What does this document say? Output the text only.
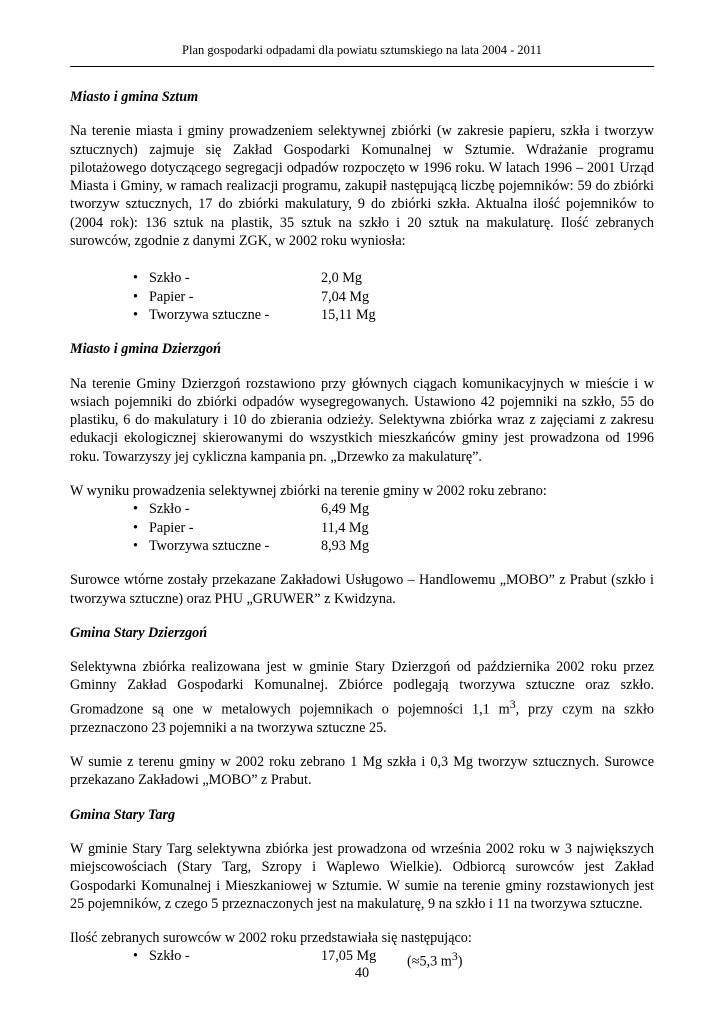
Plan gospodarki odpadami dla powiatu sztumskiego na lata 2004 - 2011
Miasto i gmina Sztum

Na terenie miasta i gminy prowadzeniem selektywnej zbiórki (w zakresie papieru, szkła i tworzyw sztucznych) zajmuje się Zakład Gospodarki Komunalnej w Sztumie. Wdrażanie programu pilotażowego dotyczącego segregacji odpadów rozpoczęto w 1996 roku. W latach 1996 – 2001 Urząd Miasta i Gminy, w ramach realizacji programu, zakupił następującą liczbę pojemników: 59 do zbiórki tworzyw sztucznych, 17 do zbiórki makulatury, 9 do zbiórki szkła. Aktualna ilość pojemników to (2004 rok): 136 sztuk na plastik, 35 sztuk na szkło i 20 sztuk na makulaturę. Ilość zebranych surowców, zgodnie z danymi ZGK, w 2002 roku wyniosła:

• Szkło -	2,0 Mg
• Papier -	7,04 Mg
• Tworzywa sztuczne -	15,11 Mg
Miasto i gmina Dzierzgoń

Na terenie Gminy Dzierzgoń rozstawiono przy głównych ciągach komunikacyjnych w mieście i w wsiach pojemniki do zbiórki odpadów wysegregowanych. Ustawiono 42 pojemniki na szkło, 55 do plastiku, 6 do makulatury i 10 do zbierania odzieży. Selektywna zbiórka wraz z zajęciami z zakresu edukacji ekologicznej skierowanymi do wszystkich mieszkańców gminy jest prowadzona od 1996 roku. Towarzyszy jej cykliczna kampania pn. „Drzewko za makulaturę”.

W wyniku prowadzenia selektywnej zbiórki na terenie gminy w 2002 roku zebrano:

• Szkło -	6,49 Mg
• Papier -	11,4 Mg
• Tworzywa sztuczne -	8,93 Mg

Surowce wtórne zostały przekazane Zakładowi Usługowo – Handlowemu „MOBO” z Prabut (szkło i tworzywa sztuczne) oraz PHU „GRUWER” z Kwidzyna.

Gmina Stary Dzierzgoń

Selektywna zbiórka realizowana jest w gminie Stary Dzierzgoń od października 2002 roku przez Gminny Zakład Gospodarki Komunalnej. Zbiórce podlegają tworzywa sztuczne oraz szkło. Gromadzone są one w metalowych pojemnikach o pojemności 1,1 $m^3$, przy czym na szkło przeznaczono 23 pojemniki a na tworzywa sztuczne 25.

W sumie z terenu gminy w 2002 roku zebrano 1 Mg szkła i 0,3 Mg tworzyw sztucznych. Surowce przekazano Zakładowi „MOBO” z Prabut.

Gmina Stary Targ

W gminie Stary Targ selektywna zbiórka jest prowadzona od września 2002 roku w 3 największych miejscowościach (Stary Targ, Szropy i Waplewo Wielkie). Odbiorcą surowców jest Zakład Gospodarki Komunalnej i Mieszkaniowej w Sztumie. W sumie na terenie gminy rozstawionych jest 25 pojemników, z czego 5 przeznaczonych jest na makulaturę, 9 na szkło i 11 na tworzywa sztuczne.

Ilość zebranych surowców w 2002 roku przedstawiała się następująco:

• Szkło -	17,05 Mg	(≈5,3 $m^3$)
40
